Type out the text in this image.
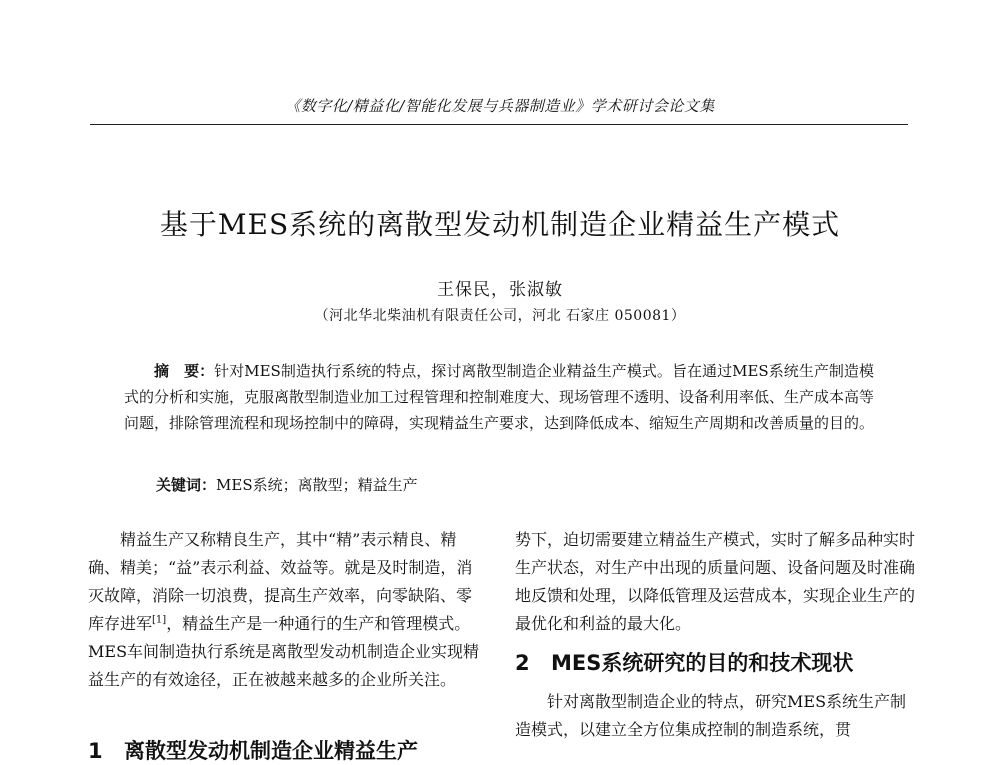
《数字化/精益化/智能化发展与兵器制造业》学术研讨会论文集
基于MES系统的离散型发动机制造企业精益生产模式
王保民，张淑敏
（河北华北柴油机有限责任公司，河北 石家庄 050081）

摘　要：针对MES制造执行系统的特点，探讨离散型制造企业精益生产模式。旨在通过MES系统生产制造模式的分析和实施，克服离散型制造业加工过程管理和控制难度大、现场管理不透明、设备利用率低、生产成本高等问题，排除管理流程和现场控制中的障碍，实现精益生产要求，达到降低成本、缩短生产周期和改善质量的目的。

关键词：MES系统；离散型；精益生产

精益生产又称精良生产，其中“精”表示精良、精确、精美；“益”表示利益、效益等。就是及时制造，消灭故障，消除一切浪费，提高生产效率，向零缺陷、零库存进军[1]，精益生产是一种通行的生产和管理模式。MES车间制造执行系统是离散型发动机制造企业实现精益生产的有效途径，正在被越来越多的企业所关注。

1 离散型发动机制造企业精益生产

势下，迫切需要建立精益生产模式，实时了解多品种实时生产状态，对生产中出现的质量问题、设备问题及时准确地反馈和处理，以降低管理及运营成本，实现企业生产的最优化和利益的最大化。

2 MES系统研究的目的和技术现状

针对离散型制造企业的特点，研究MES系统生产制造模式，以建立全方位集成控制的制造系统，贯
